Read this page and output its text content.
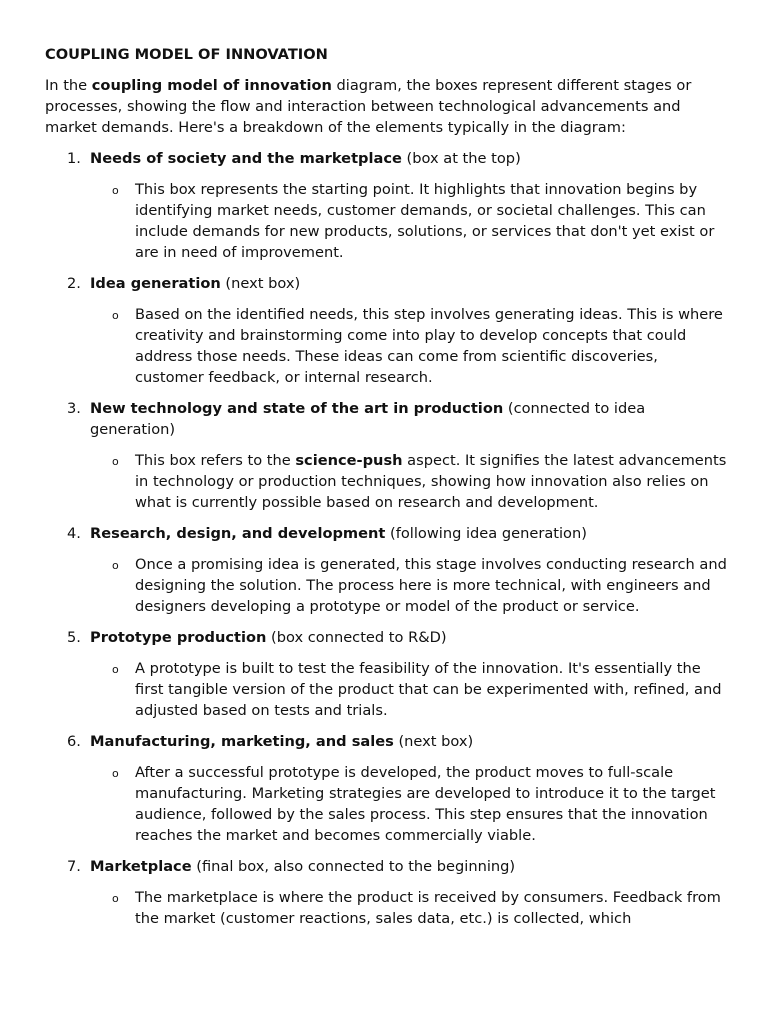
COUPLING MODEL OF INNOVATION

In the coupling model of innovation diagram, the boxes represent different stages or processes, showing the flow and interaction between technological advancements and market demands. Here's a breakdown of the elements typically in the diagram:

1. Needs of society and the marketplace (box at the top)
o This box represents the starting point. It highlights that innovation begins by identifying market needs, customer demands, or societal challenges. This can include demands for new products, solutions, or services that don't yet exist or are in need of improvement.
2. Idea generation (next box)
o Based on the identified needs, this step involves generating ideas. This is where creativity and brainstorming come into play to develop concepts that could address those needs. These ideas can come from scientific discoveries, customer feedback, or internal research.
3. New technology and state of the art in production (connected to idea generation)
o This box refers to the science-push aspect. It signifies the latest advancements in technology or production techniques, showing how innovation also relies on what is currently possible based on research and development.
4. Research, design, and development (following idea generation)
o Once a promising idea is generated, this stage involves conducting research and designing the solution. The process here is more technical, with engineers and designers developing a prototype or model of the product or service.
5. Prototype production (box connected to R&D)
o A prototype is built to test the feasibility of the innovation. It's essentially the first tangible version of the product that can be experimented with, refined, and adjusted based on tests and trials.
6. Manufacturing, marketing, and sales (next box)
o After a successful prototype is developed, the product moves to full-scale manufacturing. Marketing strategies are developed to introduce it to the target audience, followed by the sales process. This step ensures that the innovation reaches the market and becomes commercially viable.
7. Marketplace (final box, also connected to the beginning)
o The marketplace is where the product is received by consumers. Feedback from the market (customer reactions, sales data, etc.) is collected, which
